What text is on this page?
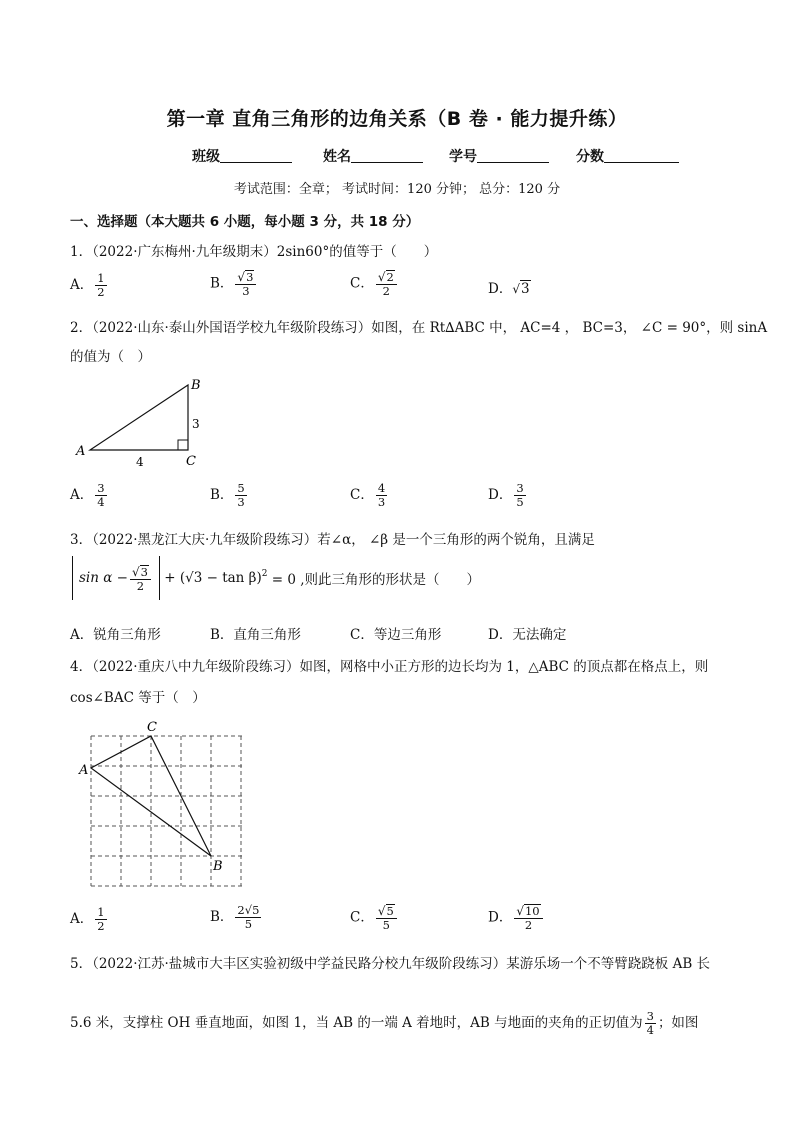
第一章 直角三角形的边角关系（B 卷 · 能力提升练）
班级	姓名	学号	分数
考试范围：全章； 考试时间：120 分钟； 总分：120 分
一、选择题（本大题共 6 小题，每小题 3 分，共 18 分）
1．（2022·广东梅州·九年级期末）2sin60°的值等于（　　）
A． $\frac{1}{2}$	B． $\frac{√3}{3}$	C． $\frac{√2}{2}$	D．√3
2．（2022·山东·泰山外国语学校九年级阶段练习）如图，在 Rt∆ABC 中， AC=4 ， BC=3， ∠C = 90°，则 sinA
的值为（　）
A
B
C
3
4
A． $\frac{3}{4}$	B． $\frac{5}{3}$	C． $\frac{4}{3}$	D． $\frac{3}{5}$
3．（2022·黑龙江大庆·九年级阶段练习）若∠α， ∠β 是一个三角形的两个锐角，且满足
$\sin \alpha - \frac{√3}{2} + (√3 - \tan \beta)^2 = 0$ ,则此三角形的形状是（　　）
A．锐角三角形	B．直角三角形	C．等边三角形	D．无法确定
4．（2022·重庆八中九年级阶段练习）如图，网格中小正方形的边长均为 1，△ABC 的顶点都在格点上，则
cos∠BAC 等于（　）
A
C
B
A． $\frac{1}{2}$	B． $\frac{2√5}{5}$	C． $\frac{√5}{5}$	D． $\frac{√10}{2}$
5．（2022·江苏·盐城市大丰区实验初级中学益民路分校九年级阶段练习）某游乐场一个不等臂跷跷板 AB 长
5.6 米，支撑柱 OH 垂直地面，如图 1，当 AB 的一端 A 着地时，AB 与地面的夹角的正切值为 $\frac{3}{4}$ ；如图
